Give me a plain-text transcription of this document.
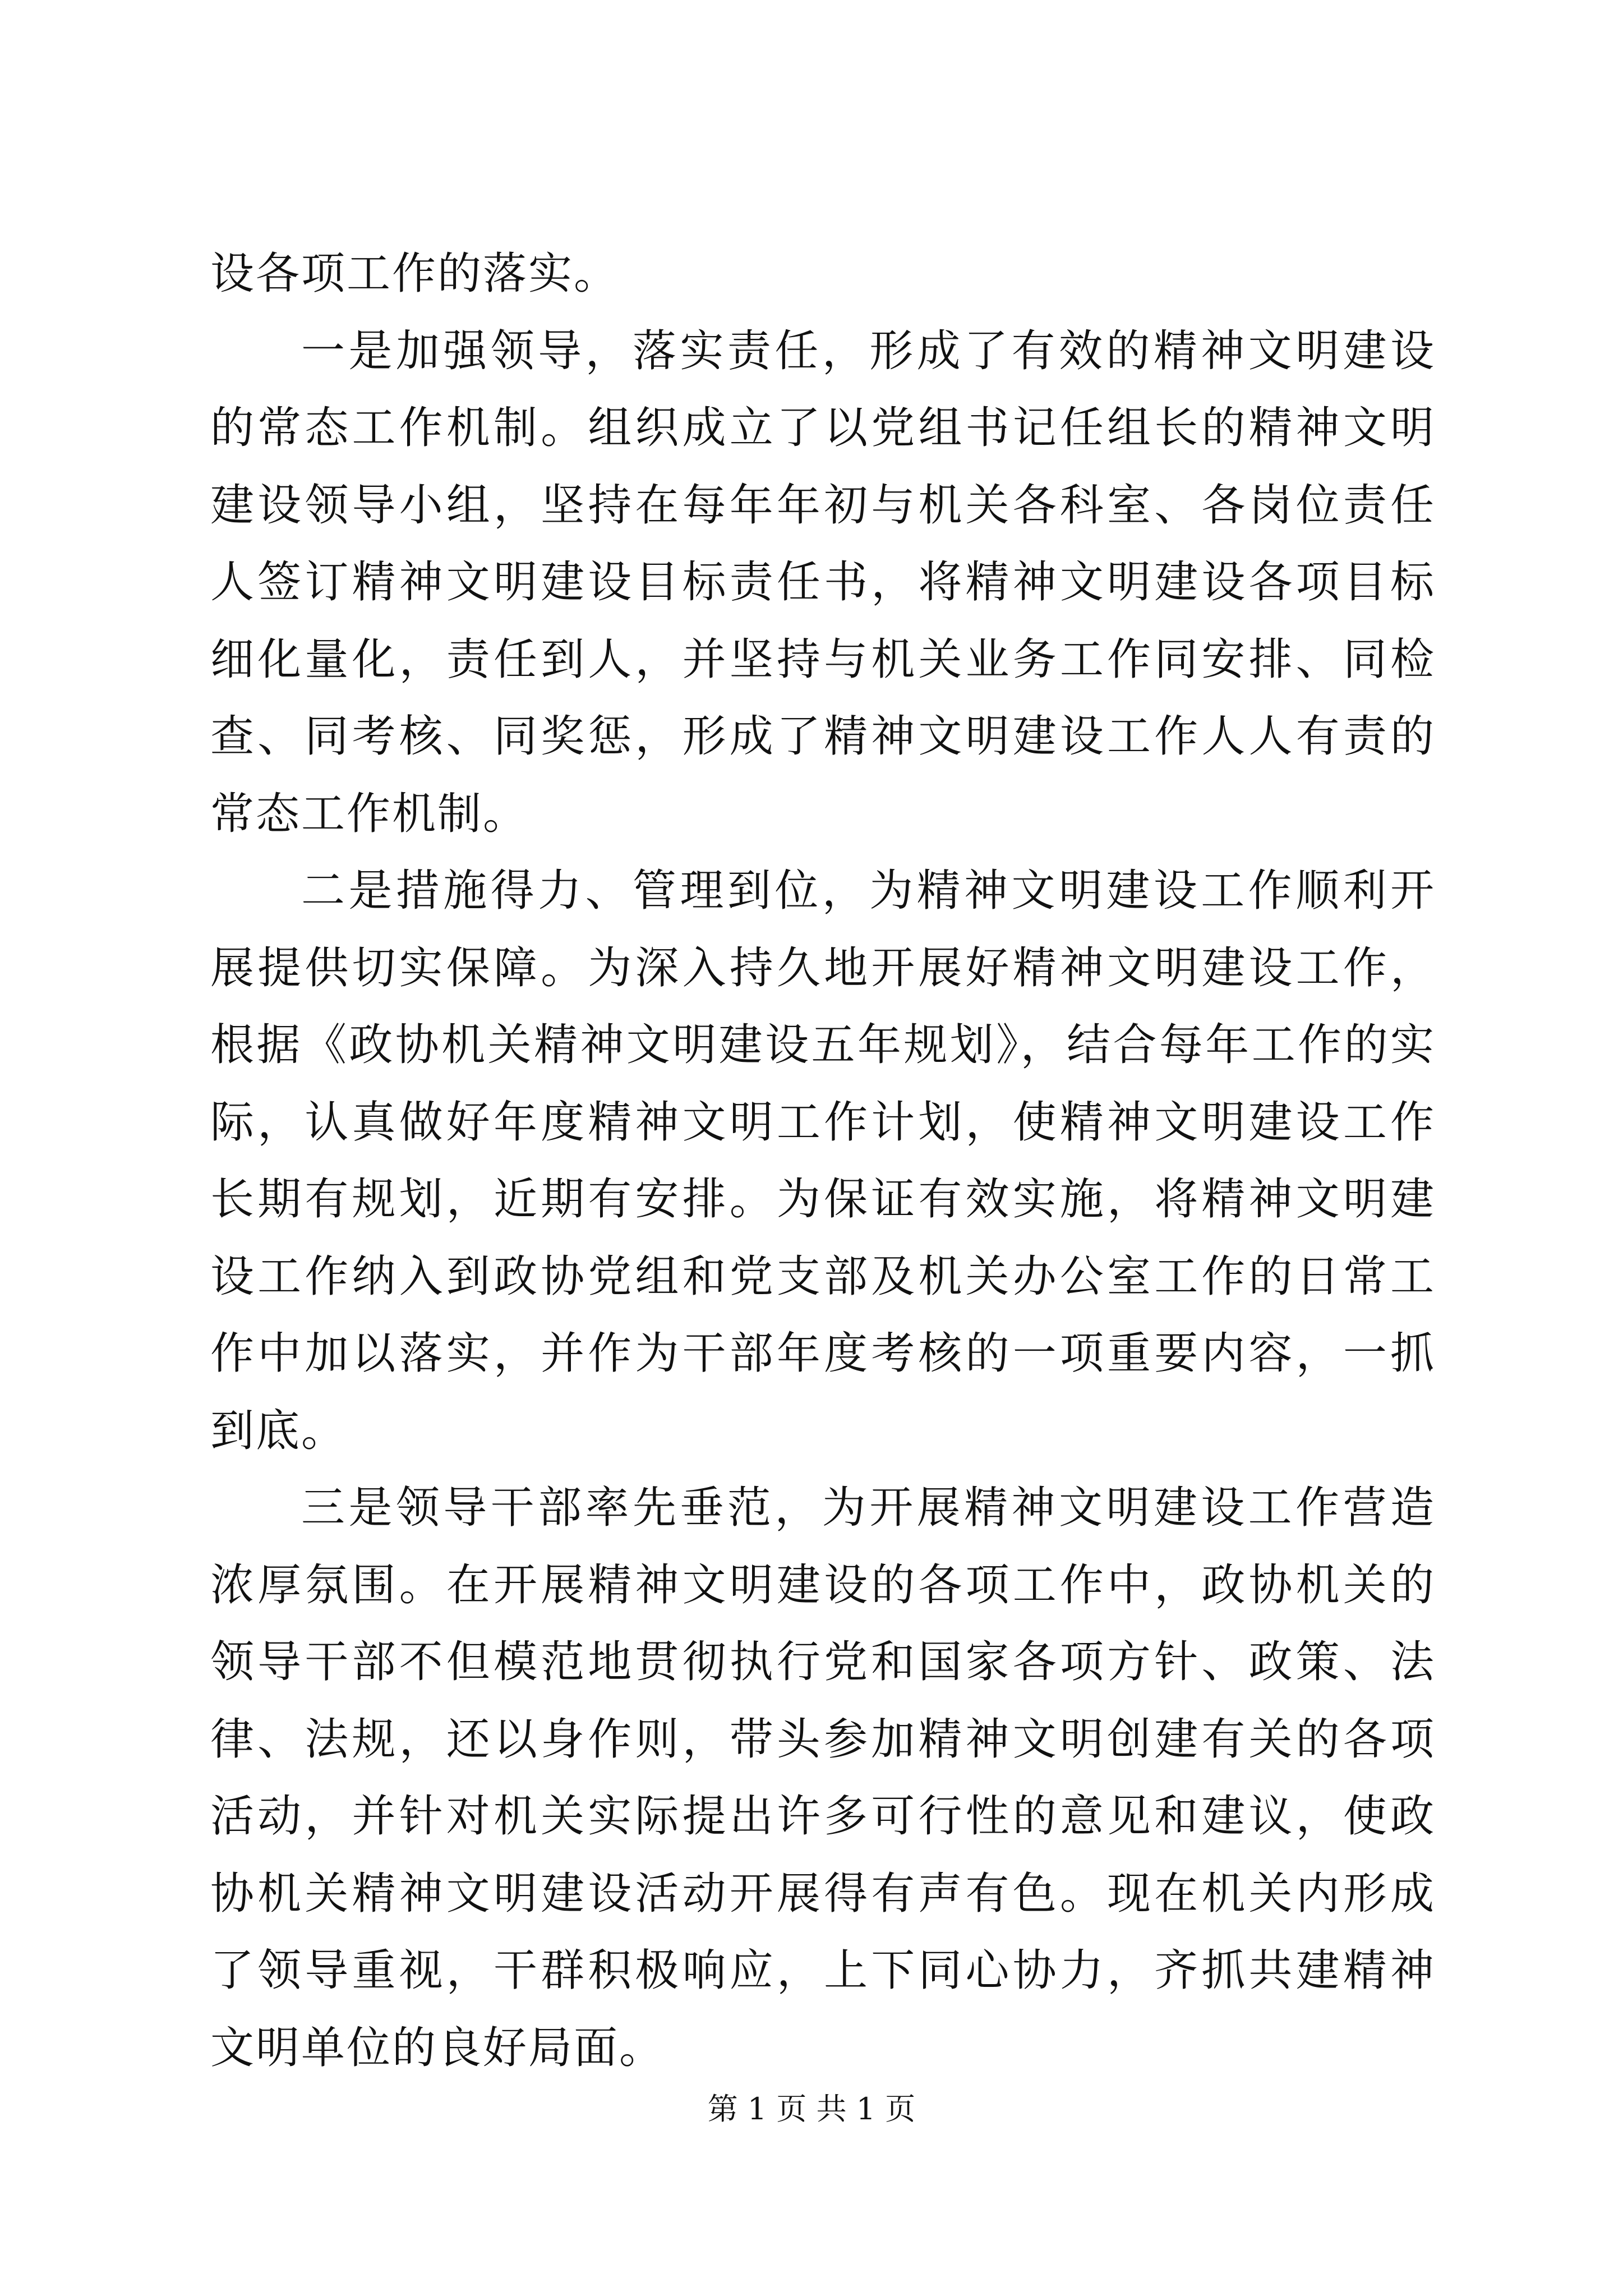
设各项工作的落实。

一是加强领导，落实责任，形成了有效的精神文明建设的常态工作机制。组织成立了以党组书记任组长的精神文明建设领导小组，坚持在每年年初与机关各科室、各岗位责任人签订精神文明建设目标责任书，将精神文明建设各项目标细化量化，责任到人，并坚持与机关业务工作同安排、同检查、同考核、同奖惩，形成了精神文明建设工作人人有责的常态工作机制。

二是措施得力、管理到位，为精神文明建设工作顺利开展提供切实保障。为深入持久地开展好精神文明建设工作，根据《政协机关精神文明建设五年规划》，结合每年工作的实际，认真做好年度精神文明工作计划，使精神文明建设工作长期有规划，近期有安排。为保证有效实施，将精神文明建设工作纳入到政协党组和党支部及机关办公室工作的日常工作中加以落实，并作为干部年度考核的一项重要内容，一抓到底。

三是领导干部率先垂范，为开展精神文明建设工作营造浓厚氛围。在开展精神文明建设的各项工作中，政协机关的领导干部不但模范地贯彻执行党和国家各项方针、政策、法律、法规，还以身作则，带头参加精神文明创建有关的各项活动，并针对机关实际提出许多可行性的意见和建议，使政协机关精神文明建设活动开展得有声有色。现在机关内形成了领导重视，干群积极响应，上下同心协力，齐抓共建精神文明单位的良好局面。

第 1 页 共 1 页
